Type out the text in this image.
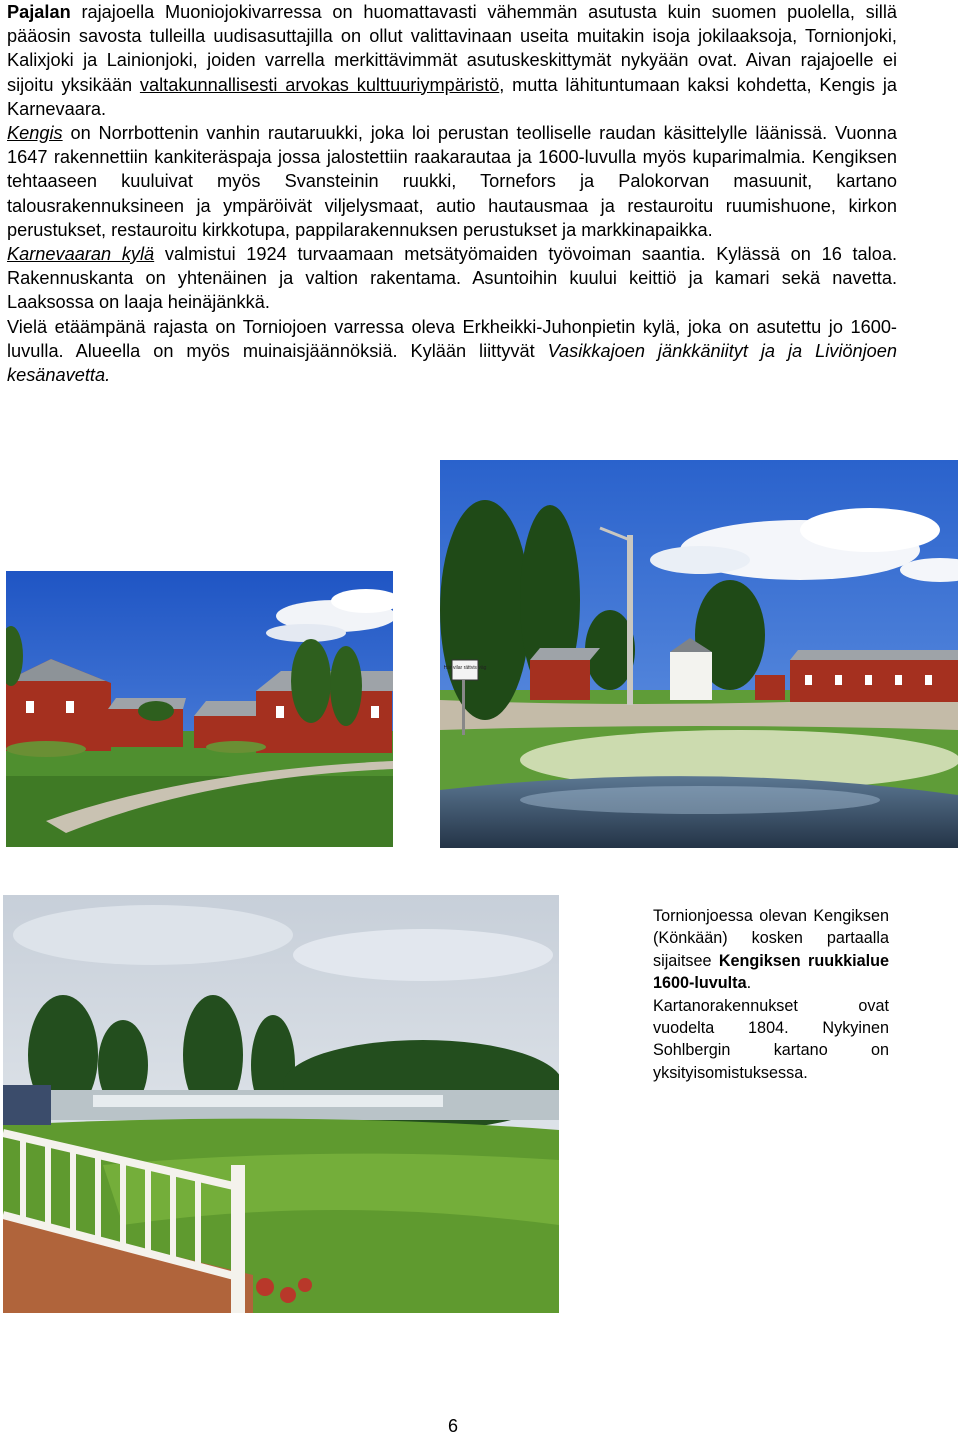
Pajalan rajajoella Muoniojokivarressa on huomattavasti vähemmän asutusta kuin suomen puolella, sillä pääosin savosta tulleilla uudisasuttajilla on ollut valittavinaan useita muitakin isoja jokilaaksoja, Tornionjoki, Kalixjoki ja Lainionjoki, joiden varrella merkittävimmät asutuskeskittymät nykyään ovat. Aivan rajajoelle ei sijoitu yksikään valtakunnallisesti arvokas kulttuuriympäristö, mutta lähituntumaan kaksi kohdetta, Kengis ja Karnevaara.

Kengis on Norrbottenin vanhin rautaruukki, joka loi perustan teolliselle raudan käsittelylle läänissä. Vuonna 1647 rakennettiin kankiteräspaja jossa jalostettiin raakarautaa ja 1600-luvulla myös kuparimalmia. Kengiksen tehtaaseen kuuluivat myös Svansteinin ruukki, Tornefors ja Palokorvan masuunit, kartano talousrakennuksineen ja ympäröivät viljelysmaat, autio hautausmaa ja restauroitu ruumishuone, kirkon perustukset, restauroitu kirkkotupa, pappilarakennuksen perustukset ja markkinapaikka.

Karnevaaran kylä valmistui 1924 turvaamaan metsätyömaiden työvoiman saantia. Kylässä on 16 taloa. Rakennuskanta on yhtenäinen ja valtion rakentama. Asuntoihin kuului keittiö ja kamari sekä navetta. Laaksossa on laaja heinäjänkkä.

Vielä etäämpänä rajasta on Torniojoen varressa oleva Erkheikki-Juhonpietin kylä, joka on asutettu jo 1600-luvulla. Alueella on myös muinaisjäännöksiä. Kylään liittyvät Vasikkajoen jänkkäniityt ja ja Liviönjoen kesänavetta.

Här vilar rättvis väg
Tornionjoessa olevan Kengiksen (Könkään) kosken partaalla sijaitsee Kengiksen ruukkialue 1600-luvulta. Kartanorakennukset ovat vuodelta 1804. Nykyinen Sohlbergin kartano on yksityisomistuksessa.
6
